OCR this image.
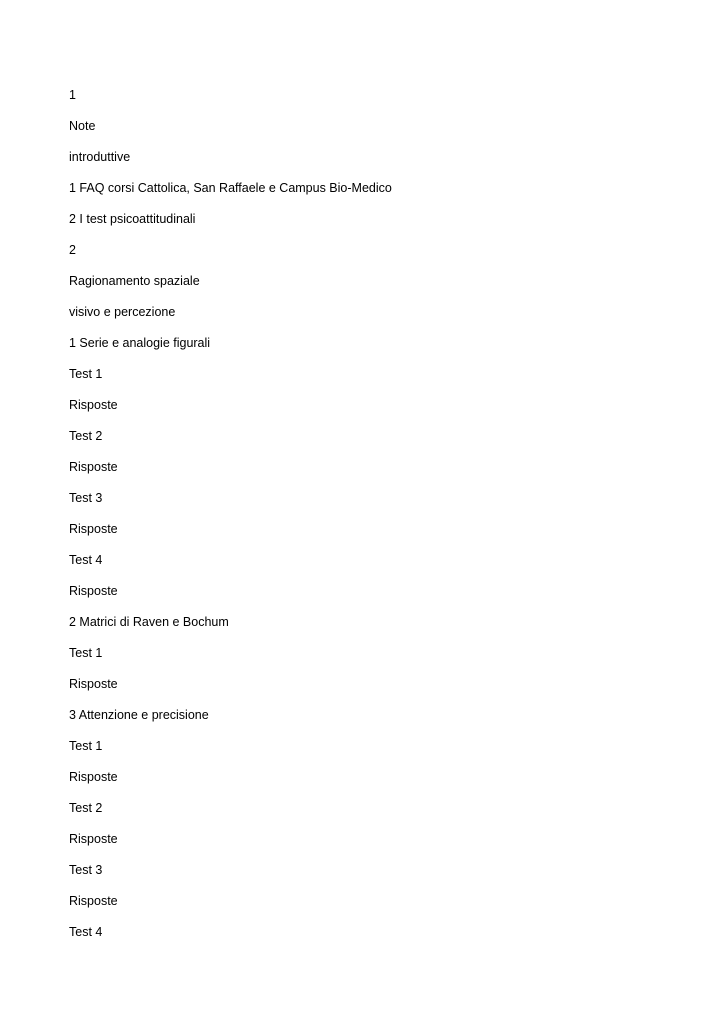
1
Note
introduttive
1 FAQ corsi Cattolica, San Raffaele e Campus Bio-Medico
2 I test psicoattitudinali
2
Ragionamento spaziale
visivo e percezione
1 Serie e analogie figurali
Test 1
Risposte
Test 2
Risposte
Test 3
Risposte
Test 4
Risposte
2 Matrici di Raven e Bochum
Test 1
Risposte
3 Attenzione e precisione
Test 1
Risposte
Test 2
Risposte
Test 3
Risposte
Test 4
